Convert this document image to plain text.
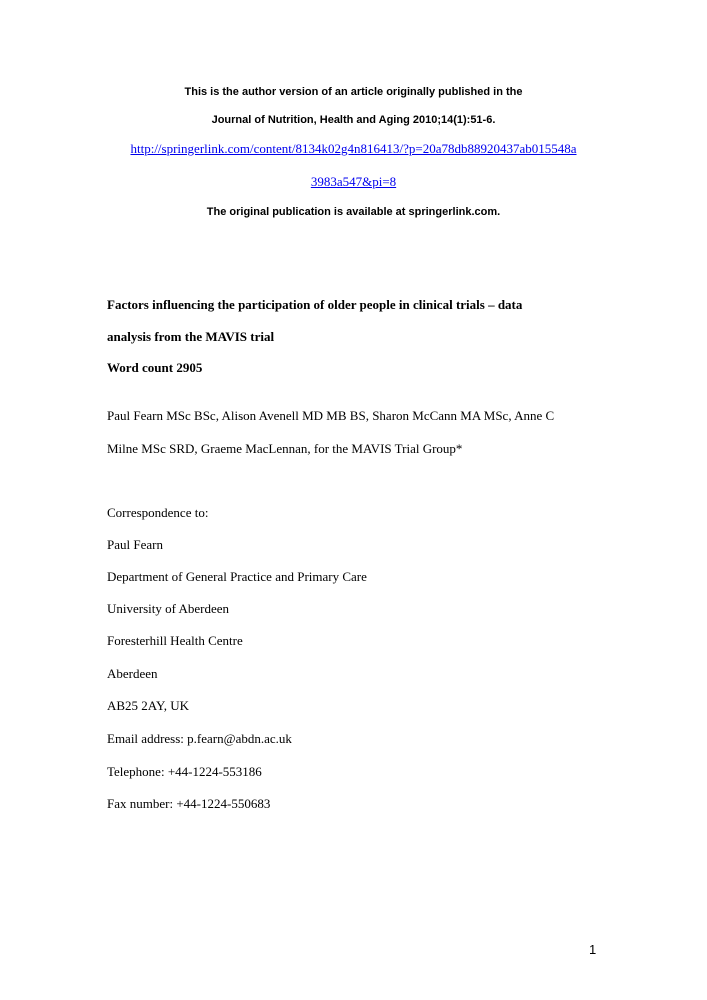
This is the author version of an article originally published in the
Journal of Nutrition, Health and Aging 2010;14(1):51-6.
http://springerlink.com/content/8134k02g4n816413/?p=20a78db88920437ab015548a
3983a547&pi=8
The original publication is available at springerlink.com.
Factors influencing the participation of older people in clinical trials – data
analysis from the MAVIS trial
Word count 2905
Paul Fearn MSc BSc, Alison Avenell MD MB BS, Sharon McCann MA MSc, Anne C
Milne MSc SRD, Graeme MacLennan, for the MAVIS Trial Group*
Correspondence to:
Paul Fearn
Department of General Practice and Primary Care
University of Aberdeen
Foresterhill Health Centre
Aberdeen
AB25 2AY, UK
Email address: p.fearn@abdn.ac.uk
Telephone: +44-1224-553186
Fax number: +44-1224-550683
1
